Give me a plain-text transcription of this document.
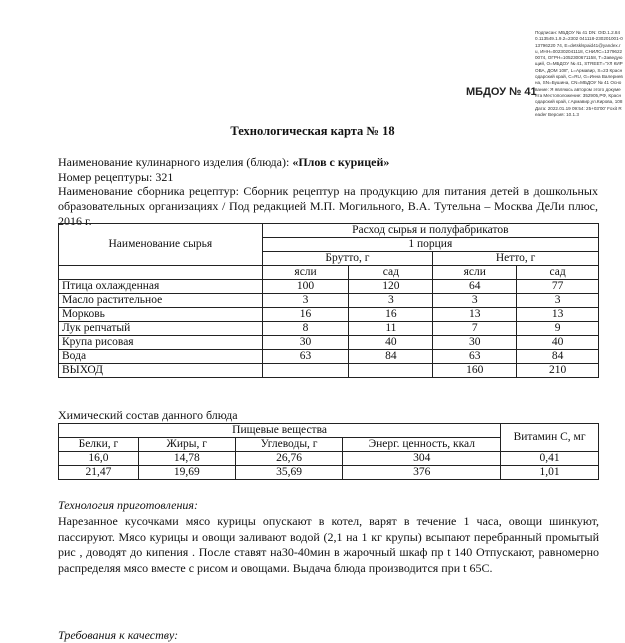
МБДОУ № 41
Подписан: МБДОУ № 41 DN: OID.1.2.840.113549.1.9.2=2302 041118-230201001-013796220 74, E=detsklspaid41@yandex.ru, ИНН=002302041118, СНИЛС=13796220074, ОГРН=1052300671158, T=Заведующий, O=МБДОУ № 41, STREET="УЛ КИРОВА, ДОМ 108", L=Армавир, S=23 Краснодарский край, C=RU, G=Инна Валериевна, SN=Бушина, CN=МБДОУ № 41 Основание: Я являюсь автором этого документа Местоположение: 352905,РФ, Краснодарский край, г.Армавир,ул.Кирова, 108 Дата: 2022.01.19 09:54: 25+03'00' Foxit Reader Версия: 10.1.3
Технологическая карта № 18
Наименование кулинарного изделия (блюда): «Плов с курицей»
Номер рецептуры: 321
Наименование сборника рецептур: Сборник рецептур на продукцию для питания детей в дошкольных образовательных организациях / Под редакцией М.П. Могильного, В.А. Тутельна – Москва ДеЛи плюс, 2016 г.
Наименование сырья	Расход сырья и полуфабрикатов			
	1 порция			
	Брутто, г		Нетто, г	
	ясли	сад	ясли	сад
Птица охлажденная	100	120	64	77
Масло растительное	3	3	3	3
Морковь	16	16	13	13
Лук репчатый	8	11	7	9
Крупа рисовая	30	40	30	40
Вода	63	84	63	84
ВЫХОД			160	210
Химический состав данного блюда
Пищевые вещества				Витамин С, мг
Белки, г	Жиры, г	Углеводы, г	Энерг. ценность, ккал	
16,0	14,78	26,76	304	0,41
21,47	19,69	35,69	376	1,01
Технология приготовления:
Нарезанное кусочками мясо курицы опускают в котел, варят в течение 1 часа, овощи шинкуют, пассируют. Мясо курицы и овощи заливают водой (2,1 на 1 кг крупы) всыпают перебранный промытый рис , доводят до кипения . После ставят на30-40мин в жарочный шкаф пр t 140 Отпускают, равномерно распределяя мясо вместе с рисом и овощами. Выдача блюда производится при t 65С.
Требования к качеству:
